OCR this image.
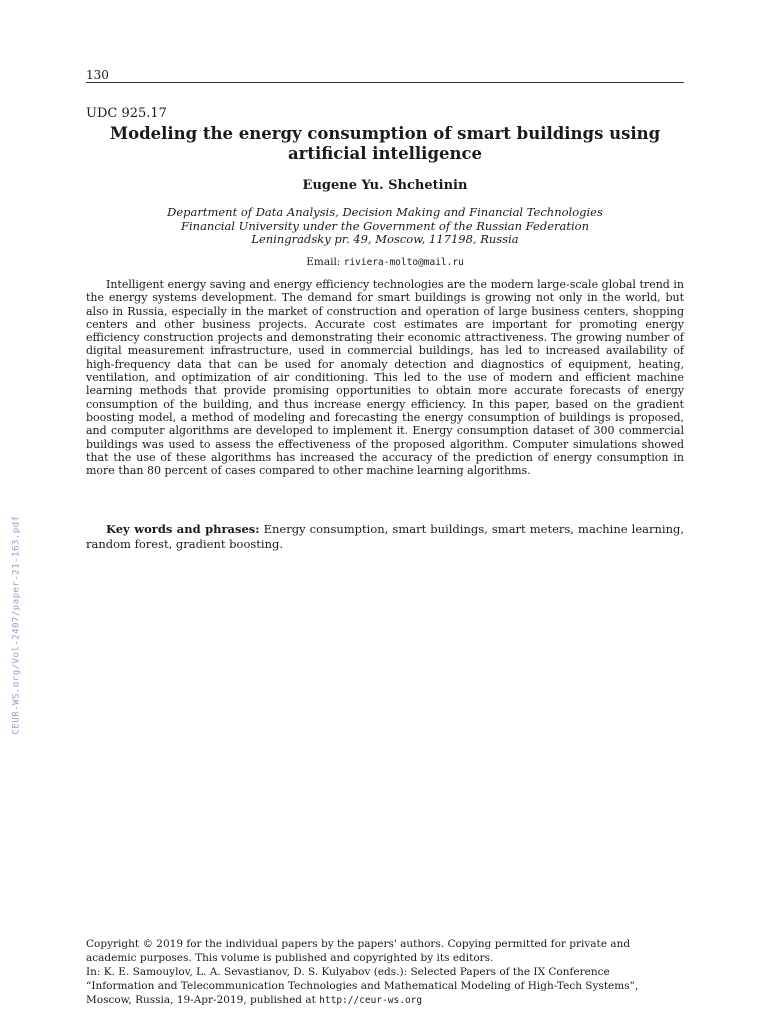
130
UDC 925.17
Modeling the energy consumption of smart buildings using artificial intelligence
Eugene Yu. Shchetinin
Department of Data Analysis, Decision Making and Financial Technologies
Financial University under the Government of the Russian Federation
Leningradsky pr. 49, Moscow, 117198, Russia
Email: riviera-molto@mail.ru

Intelligent energy saving and energy efficiency technologies are the modern large-scale global trend in the energy systems development. The demand for smart buildings is growing not only in the world, but also in Russia, especially in the market of construction and operation of large business centers, shopping centers and other business projects. Accurate cost estimates are important for promoting energy efficiency construction projects and demonstrating their economic attractiveness. The growing number of digital measurement infrastructure, used in commercial buildings, has led to increased availability of high-frequency data that can be used for anomaly detection and diagnostics of equipment, heating, ventilation, and optimization of air conditioning. This led to the use of modern and efficient machine learning methods that provide promising opportunities to obtain more accurate forecasts of energy consumption of the building, and thus increase energy efficiency. In this paper, based on the gradient boosting model, a method of modeling and forecasting the energy consumption of buildings is proposed, and computer algorithms are developed to implement it. Energy consumption dataset of 300 commercial buildings was used to assess the effectiveness of the proposed algorithm. Computer simulations showed that the use of these algorithms has increased the accuracy of the prediction of energy consumption in more than 80 percent of cases compared to other machine learning algorithms.

Key words and phrases: Energy consumption, smart buildings, smart meters, machine learning, random forest, gradient boosting.
CEUR-WS.org/Vol-2407/paper-21-163.pdf
Copyright © 2019 for the individual papers by the papers' authors. Copying permitted for private and
academic purposes. This volume is published and copyrighted by its editors.
In: K. E. Samouylov, L. A. Sevastianov, D. S. Kulyabov (eds.): Selected Papers of the IX Conference
“Information and Telecommunication Technologies and Mathematical Modeling of High-Tech Systems”,
Moscow, Russia, 19-Apr-2019, published at http://ceur-ws.org
